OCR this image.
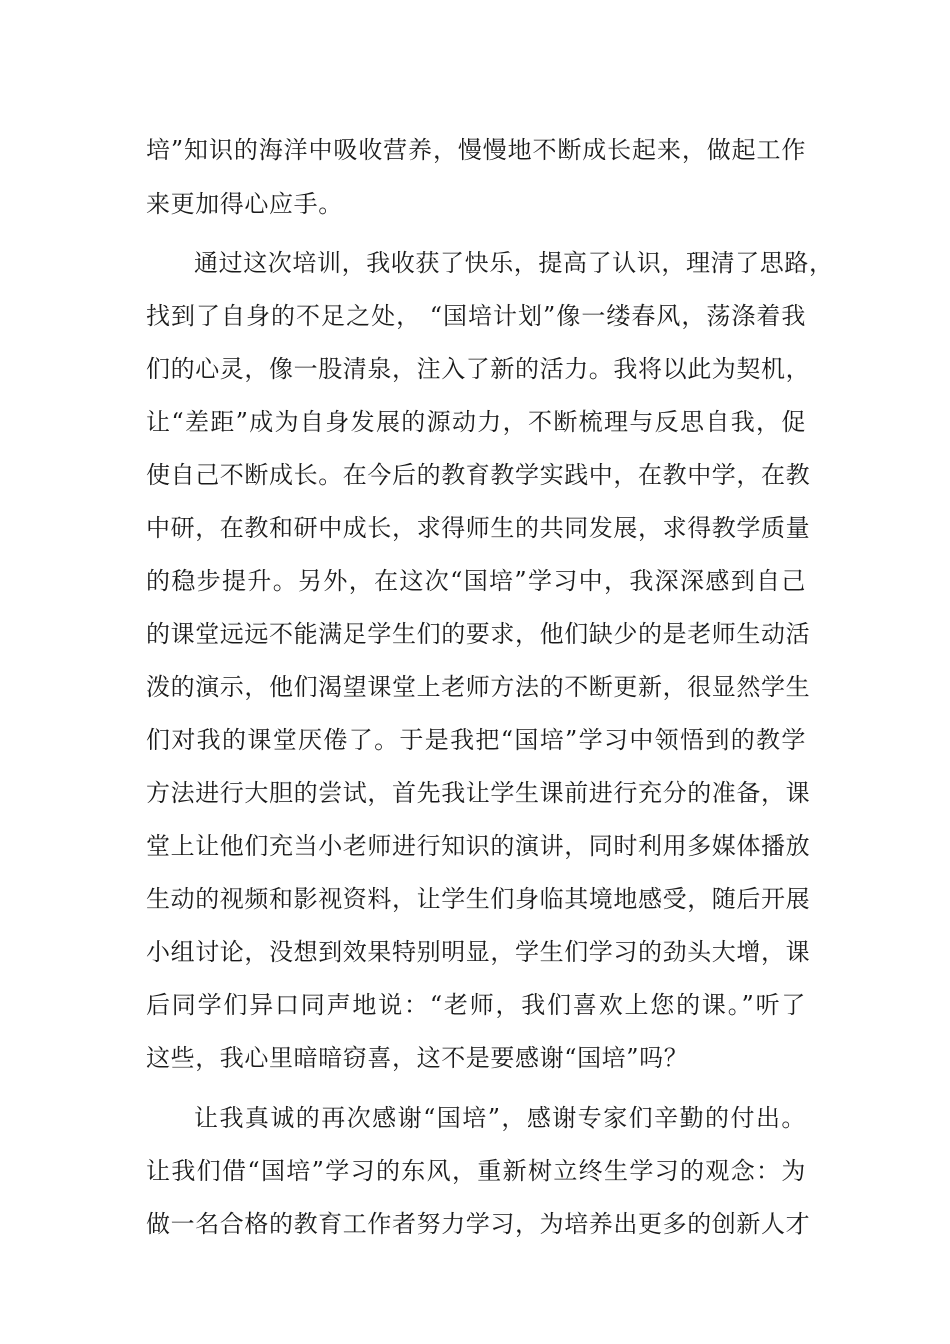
培”知识的海洋中吸收营养，慢慢地不断成长起来，做起工作
来更加得心应手。
通过这次培训，我收获了快乐，提高了认识，理清了思路，
找到了自身的不足之处， “国培计划”像一缕春风，荡涤着我
们的心灵，像一股清泉，注入了新的活力。我将以此为契机，
让“差距”成为自身发展的源动力，不断梳理与反思自我，促
使自己不断成长。在今后的教育教学实践中，在教中学，在教
中研，在教和研中成长，求得师生的共同发展，求得教学质量
的稳步提升。另外，在这次“国培”学习中，我深深感到自己
的课堂远远不能满足学生们的要求，他们缺少的是老师生动活
泼的演示，他们渴望课堂上老师方法的不断更新，很显然学生
们对我的课堂厌倦了。于是我把“国培”学习中领悟到的教学
方法进行大胆的尝试，首先我让学生课前进行充分的准备，课
堂上让他们充当小老师进行知识的演讲，同时利用多媒体播放
生动的视频和影视资料，让学生们身临其境地感受，随后开展
小组讨论，没想到效果特别明显，学生们学习的劲头大增，课
后同学们异口同声地说：“老师，我们喜欢上您的课。”听了
这些，我心里暗暗窃喜，这不是要感谢“国培”吗？
让我真诚的再次感谢“国培”，感谢专家们辛勤的付出。
让我们借“国培”学习的东风，重新树立终生学习的观念：为
做一名合格的教育工作者努力学习，为培养出更多的创新人才
